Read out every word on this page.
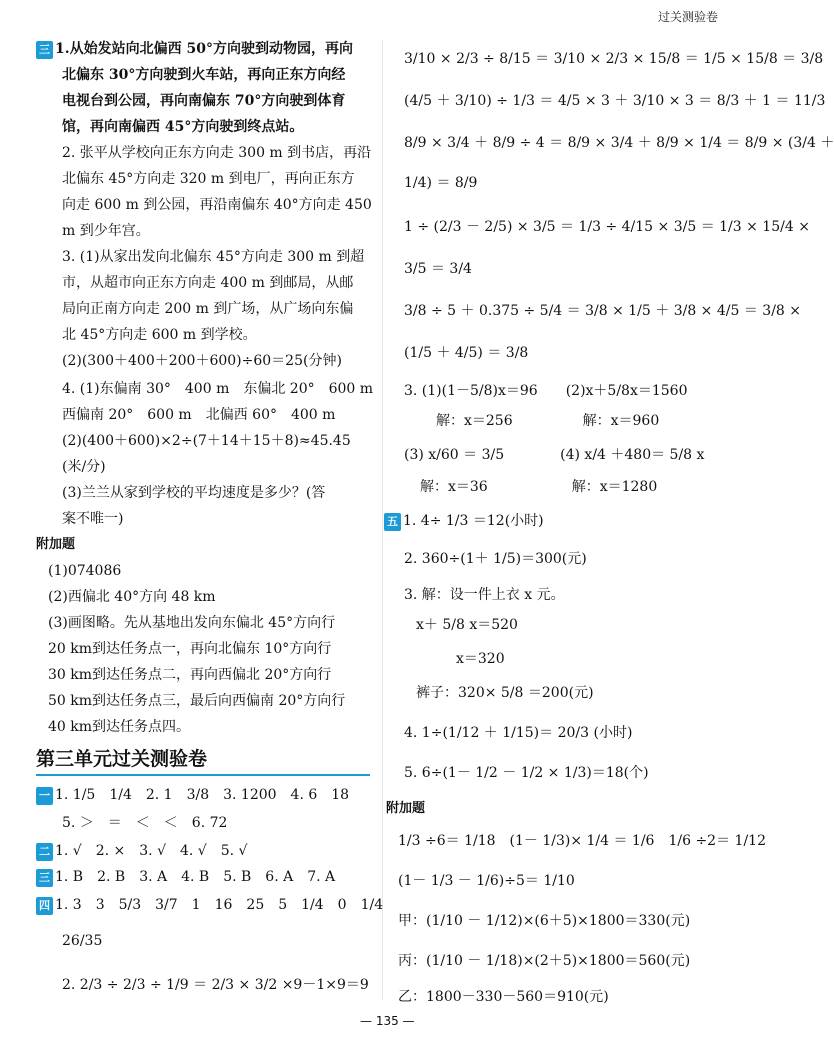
过关测验卷
三 1.从始发站向北偏西 50°方向驶到动物园，再向
北偏东 30°方向驶到火车站，再向正东方向经
电视台到公园，再向南偏东 70°方向驶到体育
馆，再向南偏西 45°方向驶到终点站。
2. 张平从学校向正东方向走 300 m 到书店，再沿
北偏东 45°方向走 320 m 到电厂，再向正东方
向走 600 m 到公园，再沿南偏东 40°方向走 450
m 到少年宫。
3. (1)从家出发向北偏东 45°方向走 300 m 到超
市，从超市向正东方向走 400 m 到邮局，从邮
局向正南方向走 200 m 到广场，从广场向东偏
北 45°方向走 600 m 到学校。
(2)(300＋400＋200＋600)÷60＝25(分钟)
4. (1)东偏南 30°　400 m　东偏北 20°　600 m
西偏南 20°　600 m　北偏西 60°　400 m
(2)(400＋600)×2÷(7＋14＋15＋8)≈45.45
(米/分)
(3)兰兰从家到学校的平均速度是多少？(答
案不唯一)
附加题
(1)074086
(2)西偏北 40°方向 48 km
(3)画图略。先从基地出发向东偏北 45°方向行
20 km到达任务点一，再向北偏东 10°方向行
30 km到达任务点二，再向西偏北 20°方向行
50 km到达任务点三，最后向西偏南 20°方向行
40 km到达任务点四。
第三单元过关测验卷
一 1. 1/5　1/4　2. 1　3/8　3. 1200　4. 6　18
5. ＞　＝　＜　＜　6. 72
二 1. √　2. ×　3. √　4. √　5. √
三 1. B　2. B　3. A　4. B　5. B　6. A　7. A
四 1. 3　3　5/3　3/7　1　16　25　5　1/4　0　1/4
26/35
2. 2/3 ÷ 2/3 ÷ 1/9 ＝ 2/3 × 3/2 ×9－1×9＝9
3/10 × 2/3 ÷ 8/15 ＝ 3/10 × 2/3 × 15/8 ＝ 1/5 × 15/8 ＝ 3/8
(4/5 ＋ 3/10) ÷ 1/3 ＝ 4/5 × 3 ＋ 3/10 × 3 ＝ 8/3 ＋ 1 ＝ 11/3
8/9 × 3/4 ＋ 8/9 ÷ 4 ＝ 8/9 × 3/4 ＋ 8/9 × 1/4 ＝ 8/9 × (3/4 ＋
1/4) ＝ 8/9
1 ÷ (2/3 － 2/5) × 3/5 ＝ 1/3 ÷ 4/15 × 3/5 ＝ 1/3 × 15/4 ×
3/5 ＝ 3/4
3/8 ÷ 5 ＋ 0.375 ÷ 5/4 ＝ 3/8 × 1/5 ＋ 3/8 × 4/5 ＝ 3/8 ×
(1/5 ＋ 4/5) ＝ 3/8
3. (1)(1－5/8)x＝96　　(2)x＋5/8x＝1560
解：x＝256　　　　　解：x＝960
(3) x/60 ＝ 3/5　　　　(4) x/4 ＋480＝ 5/8 x
解：x＝36　　　　　　解：x＝1280
五 1. 4÷ 1/3 ＝12(小时)
2. 360÷(1＋ 1/5)＝300(元)
3. 解：设一件上衣 x 元。
x＋ 5/8 x＝520
x＝320
裤子：320× 5/8 ＝200(元)
4. 1÷(1/12 ＋ 1/15)＝ 20/3 (小时)
5. 6÷(1－ 1/2 － 1/2 × 1/3)＝18(个)
附加题
1/3 ÷6＝ 1/18　(1－ 1/3)× 1/4 ＝ 1/6　1/6 ÷2＝ 1/12
(1－ 1/3 － 1/6)÷5＝ 1/10
甲：(1/10 － 1/12)×(6＋5)×1800＝330(元)
丙：(1/10 － 1/18)×(2＋5)×1800＝560(元)
乙：1800－330－560＝910(元)
— 135 —
